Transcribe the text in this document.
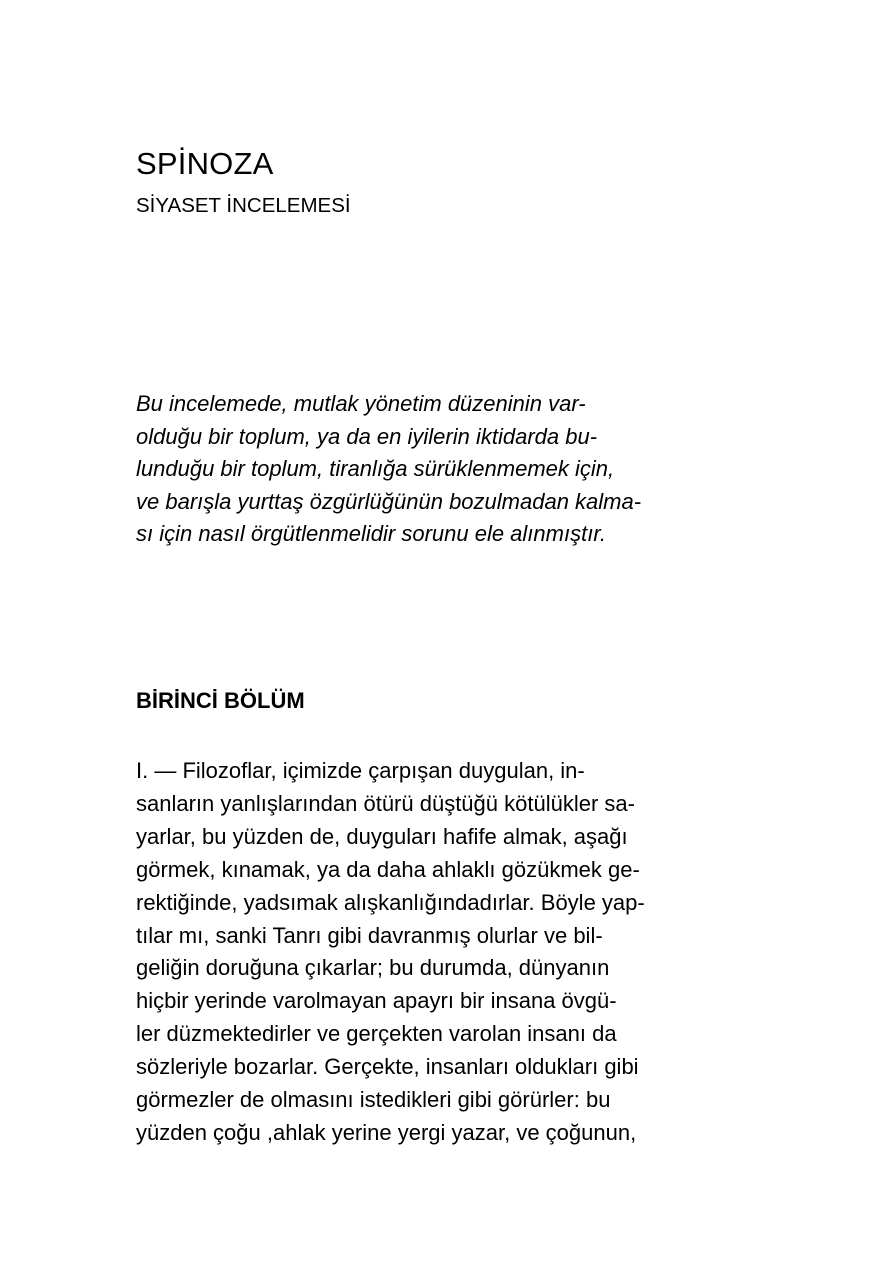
SPİNOZA
SİYASET İNCELEMESİ
Bu incelemede, mutlak yönetim düzeninin var-
olduğu bir toplum, ya da en iyilerin iktidarda bu-
lunduğu bir toplum, tiranlığa sürüklenmemek için,
ve barışla yurttaş özgürlüğünün bozulmadan kalma-
sı için nasıl örgütlenmelidir sorunu ele alınmıştır.
BİRİNCİ BÖLÜM
I. — Filozoflar, içimizde çarpışan duygulan, in-
sanların yanlışlarından ötürü düştüğü kötülükler sa-
yarlar, bu yüzden de, duyguları hafife almak, aşağı
görmek, kınamak, ya da daha ahlaklı gözükmek ge-
rektiğinde, yadsımak alışkanlığındadırlar. Böyle yap-
tılar mı, sanki Tanrı gibi davranmış olurlar ve bil-
geliğin doruğuna çıkarlar; bu durumda, dünyanın
hiçbir yerinde varolmayan apayrı bir insana övgü-
ler düzmektedirler ve gerçekten varolan insanı da
sözleriyle bozarlar. Gerçekte, insanları oldukları gibi
görmezler de olmasını istedikleri gibi görürler: bu
yüzden çoğu ,ahlak yerine yergi yazar, ve çoğunun,
